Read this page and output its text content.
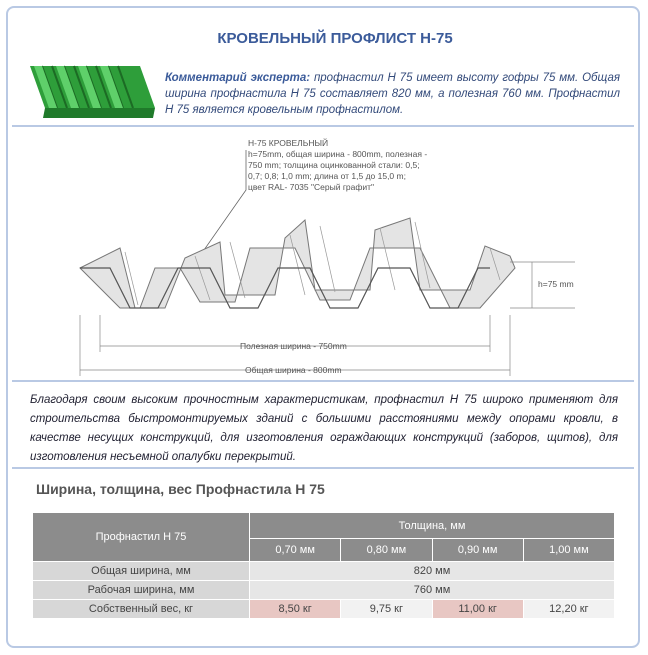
КРОВЕЛЬНЫЙ ПРОФЛИСТ Н-75
Комментарий эксперта: профнастил Н 75 имеет высоту гофры 75 мм. Общая ширина профнастила Н 75 составляет 820 мм, а полезная 760 мм. Профнастил Н 75 является кровельным профнастилом.
Н-75 КРОВЕЛЬНЫЙ
h=75mm, общая ширина - 800mm, полезная -
750 mm; толщина оцинкованной стали: 0,5;
0,7; 0,8; 1,0 mm; длина от 1,5 до 15,0 m;
цвет RAL- 7035 "Серый графит"
h=75 mm
Полезная ширина - 750mm
Общая ширина - 800mm
Благодаря своим высоким прочностным характеристикам, профнастил Н 75 широко применяют для строительства быстромонтируемых зданий с большими расстояниями между опорами кровли, в качестве несущих конструкций, для изготовления ограждающих конструкций (заборов, щитов), для изготовления несъемной опалубки перекрытий.
Ширина, толщина, вес Профнастила Н 75
Профнастил Н 75	Толщина, мм			
	0,70 мм	0,80 мм	0,90 мм	1,00 мм
Общая ширина, мм	820 мм			
Рабочая ширина, мм	760 мм			
Собственный вес, кг	8,50 кг	9,75 кг	11,00 кг	12,20 кг
